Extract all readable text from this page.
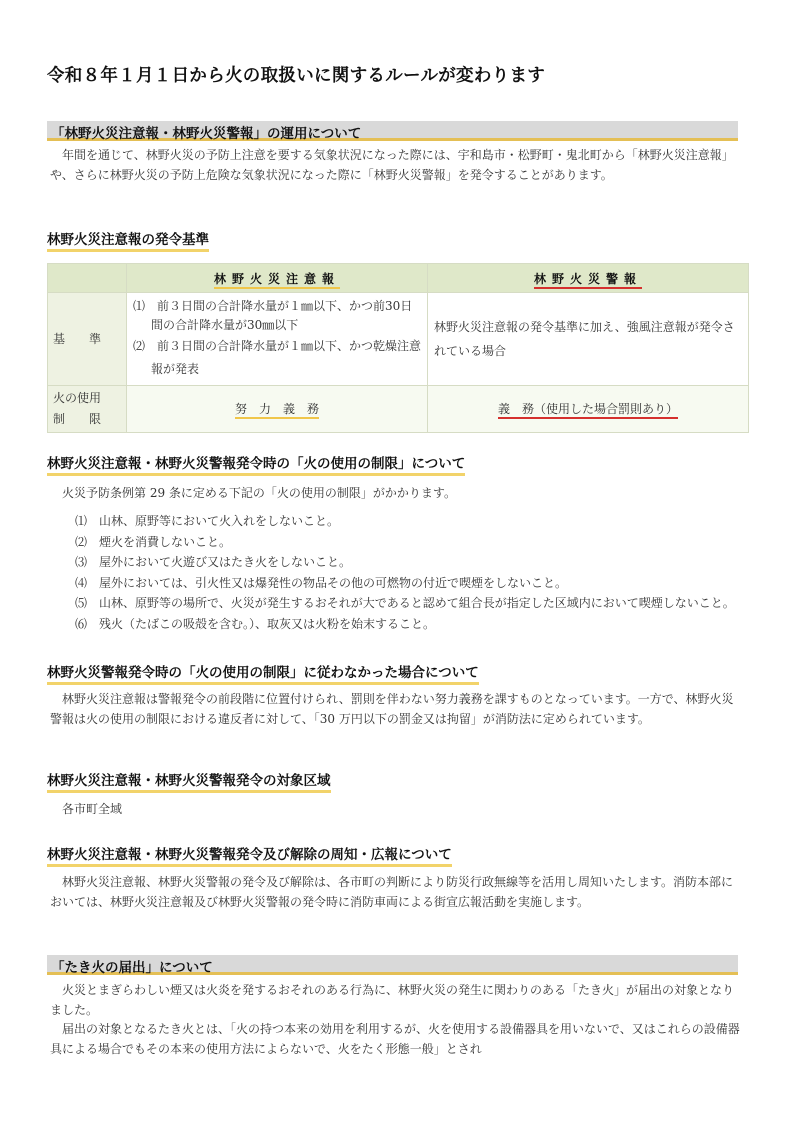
令和８年１月１日から火の取扱いに関するルールが変わります
「林野火災注意報・林野火災警報」の運用について

年間を通じて、林野火災の予防上注意を要する気象状況になった際には、宇和島市・松野町・鬼北町から「林野火災注意報」や、さらに林野火災の予防上危険な気象状況になった際に「林野火災警報」を発令することがあります。

林野火災注意報の発令基準
	林野火災注意報	林野火災警報
基　　準	⑴　前３日間の合計降水量が１㎜以下、かつ前30日間の合計降水量が30㎜以下
⑵　前３日間の合計降水量が１㎜以下、かつ乾燥注意報が発表	林野火災注意報の発令基準に加え、強風注意報が発令されている場合

火の使用
制　　限	努　力　義　務	義　務（使用した場合罰則あり）
林野火災注意報・林野火災警報発令時の「火の使用の制限」について
火災予防条例第 29 条に定める下記の「火の使用の制限」がかかります。
⑴　山林、原野等において火入れをしないこと。
⑵　煙火を消費しないこと。
⑶　屋外において火遊び又はたき火をしないこと。
⑷　屋外においては、引火性又は爆発性の物品その他の可燃物の付近で喫煙をしないこと。
⑸　山林、原野等の場所で、火災が発生するおそれが大であると認めて組合長が指定した区域内において喫煙しないこと。
⑹　残火（たばこの吸殻を含む。）、取灰又は火粉を始末すること。
林野火災警報発令時の「火の使用の制限」に従わなかった場合について

林野火災注意報は警報発令の前段階に位置付けられ、罰則を伴わない努力義務を課すものとなっています。一方で、林野火災警報は火の使用の制限における違反者に対して、「30 万円以下の罰金又は拘留」が消防法に定められています。

林野火災注意報・林野火災警報発令の対象区域
各市町全域
林野火災注意報・林野火災警報発令及び解除の周知・広報について

林野火災注意報、林野火災警報の発令及び解除は、各市町の判断により防災行政無線等を活用し周知いたします。消防本部においては、林野火災注意報及び林野火災警報の発令時に消防車両による街宣広報活動を実施します。

「たき火の届出」について

火災とまぎらわしい煙又は火炎を発するおそれのある行為に、林野火災の発生に関わりのある「たき火」が届出の対象となりました。

届出の対象となるたき火とは、「火の持つ本来の効用を利用するが、火を使用する設備器具を用いないで、又はこれらの設備器具による場合でもその本来の使用方法によらないで、火をたく形態一般」とされ
